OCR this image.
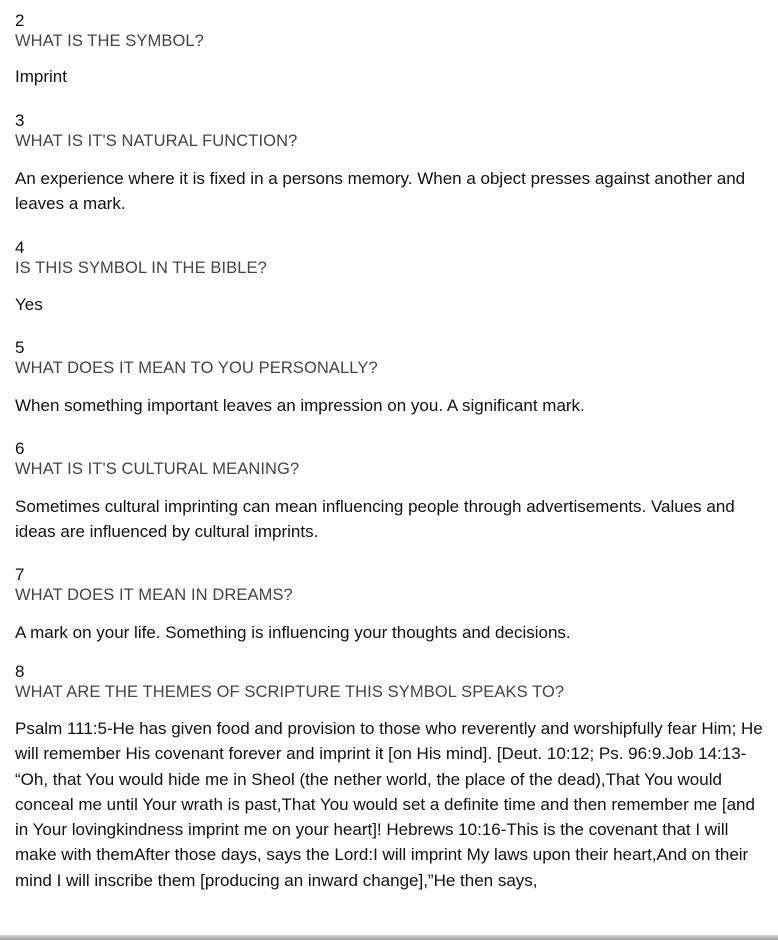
2
WHAT IS THE SYMBOL?
Imprint
3
WHAT IS IT'S NATURAL FUNCTION?
An experience where it is fixed in a persons memory. When a object presses against another and leaves a mark.
4
IS THIS SYMBOL IN THE BIBLE?
Yes
5
WHAT DOES IT MEAN TO YOU PERSONALLY?
When something important leaves an impression on you. A significant mark.
6
WHAT IS IT'S CULTURAL MEANING?
Sometimes cultural imprinting can mean influencing people through advertisements. Values and ideas are influenced by cultural imprints.
7
WHAT DOES IT MEAN IN DREAMS?
A mark on your life. Something is influencing your thoughts and decisions.
8
WHAT ARE THE THEMES OF SCRIPTURE THIS SYMBOL SPEAKS TO?
Psalm 111:5-He has given food and provision to those who reverently and worshipfully fear Him; He will remember His covenant forever and imprint it [on His mind]. [Deut. 10:12; Ps. 96:9.Job 14:13- “Oh, that You would hide me in Sheol (the nether world, the place of the dead),That You would conceal me until Your wrath is past,That You would set a definite time and then remember me [and in Your lovingkindness imprint me on your heart]! Hebrews 10:16-This is the covenant that I will make with themAfter those days, says the Lord:I will imprint My laws upon their heart,And on their mind I will inscribe them [producing an inward change],”He then says,
